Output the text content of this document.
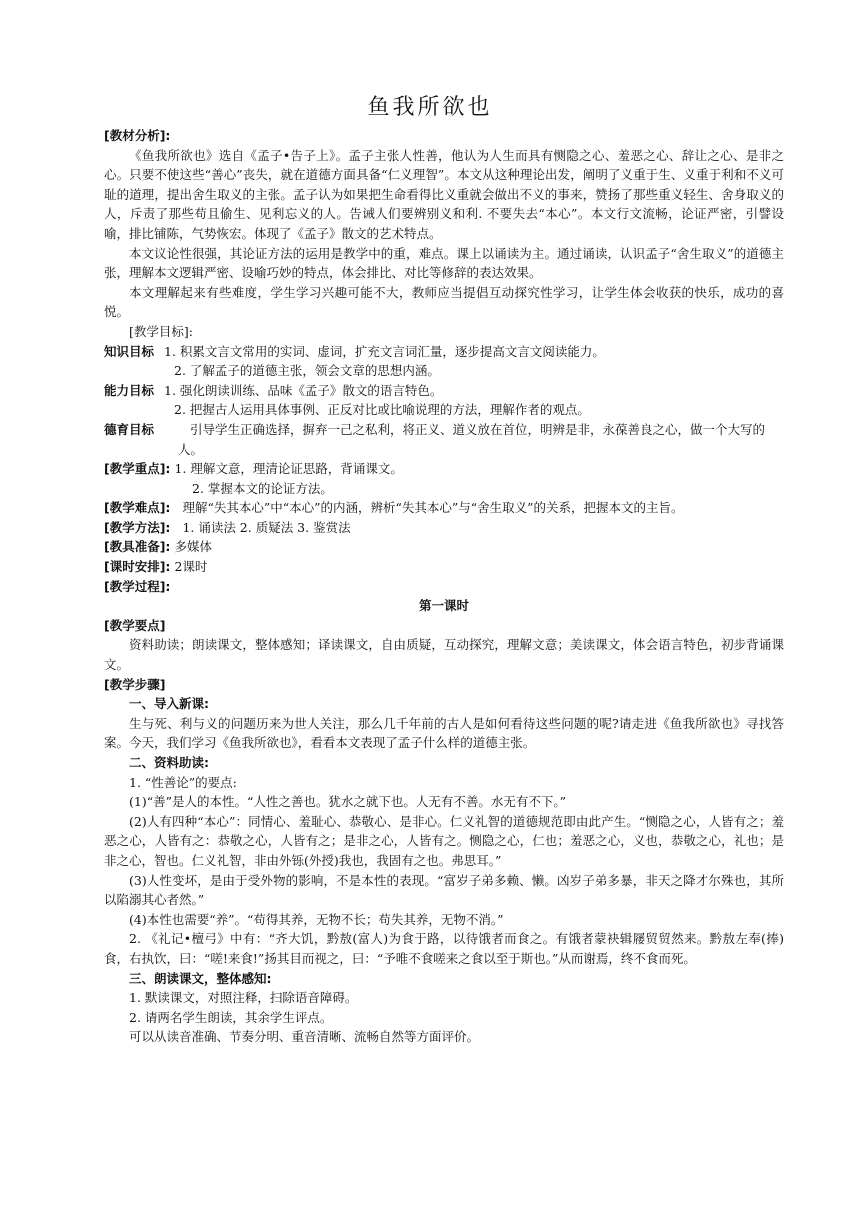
鱼我所欲也

[教材分析]:

《鱼我所欲也》选自《孟子•告子上》。孟子主张人性善，他认为人生而具有恻隐之心、羞恶之心、辞让之心、是非之心。只要不使这些“善心”丧失，就在道德方面具备“仁义理智”。本文从这种理论出发，阐明了义重于生、义重于利和不义可耻的道理，提出舍生取义的主张。孟子认为如果把生命看得比义重就会做出不义的事来，赞扬了那些重义轻生、舍身取义的人，斥责了那些苟且偷生、见利忘义的人。告诫人们要辨别义和利. 不要失去“本心”。本文行文流畅，论证严密，引譬设喻，排比铺陈，气势恢宏。体现了《孟子》散文的艺术特点。

本文议论性很强，其论证方法的运用是教学中的重，难点。课上以诵读为主。通过诵读，认识孟子“舍生取义”的道德主张，理解本文逻辑严密、设喻巧妙的特点，体会排比、对比等修辞的表达效果。

本文理解起来有些难度，学生学习兴趣可能不大，教师应当提倡互动探究性学习，让学生体会收获的快乐，成功的喜悦。

[教学目标]:

知识目标 1. 积累文言文常用的实词、虚词，扩充文言词汇量，逐步提高文言文阅读能力。

2. 了解孟子的道德主张，领会文章的思想内涵。

能力目标 1. 强化朗读训练、品味《孟子》散文的语言特色。

2. 把握古人运用具体事例、正反对比或比喻说理的方法，理解作者的观点。

德育目标	引导学生正确选择，摒弃一己之私利，将正义、道义放在首位，明辨是非，永葆善良之心，做一个大写的人。
[教学重点]: 1. 理解文意，理清论证思路，背诵课文。

2. 掌握本文的论证方法。

[教学难点]: 理解“失其本心”中“本心”的内涵，辨析“失其本心”与“舍生取义”的关系，把握本文的主旨。
[教学方法]: 1. 诵读法 2. 质疑法 3. 鉴赏法
[教具准备]: 多媒体
[课时安排]: 2课时

[教学过程]:

第一课时

[教学要点]

资料助读；朗读课文，整体感知；译读课文，自由质疑，互动探究，理解文意；美读课文，体会语言特色，初步背诵课文。

[教学步骤]

一、导入新课:

生与死、利与义的问题历来为世人关注，那么几千年前的古人是如何看待这些问题的呢?请走进《鱼我所欲也》寻找答案。今天，我们学习《鱼我所欲也》，看看本文表现了孟子什么样的道德主张。

二、资料助读:

1. “性善论”的要点:

(1)“善”是人的本性。“人性之善也。犹水之就下也。人无有不善。水无有不下。”

(2)人有四种“本心”：同情心、羞耻心、恭敬心、是非心。仁义礼智的道德规范即由此产生。“恻隐之心，人皆有之；羞恶之心，人皆有之：恭敬之心，人皆有之；是非之心，人皆有之。恻隐之心，仁也；羞恶之心，义也，恭敬之心，礼也；是非之心，智也。仁义礼智，非由外铄(外授)我也，我固有之也。弗思耳。”

(3)人性变坏，是由于受外物的影响，不是本性的表现。“富岁子弟多赖、懒。凶岁子弟多暴，非天之降才尔殊也，其所以陷溺其心者然。”

(4)本性也需要“养”。“苟得其养，无物不长；苟失其养，无物不消。”

2. 《礼记•檀弓》中有：“齐大饥，黔敖(富人)为食于路，以待饿者而食之。有饿者蒙袂辑屦贸贸然来。黔敖左奉(捧)食，右执饮，曰：“嗟!来食!”扬其目而视之，曰：“予唯不食嗟来之食以至于斯也。”从而谢焉，终不食而死。

三、朗读课文，整体感知:

1. 默读课文，对照注释，扫除语音障碍。

2. 请两名学生朗读，其余学生评点。

可以从读音准确、节奏分明、重音清晰、流畅自然等方面评价。
